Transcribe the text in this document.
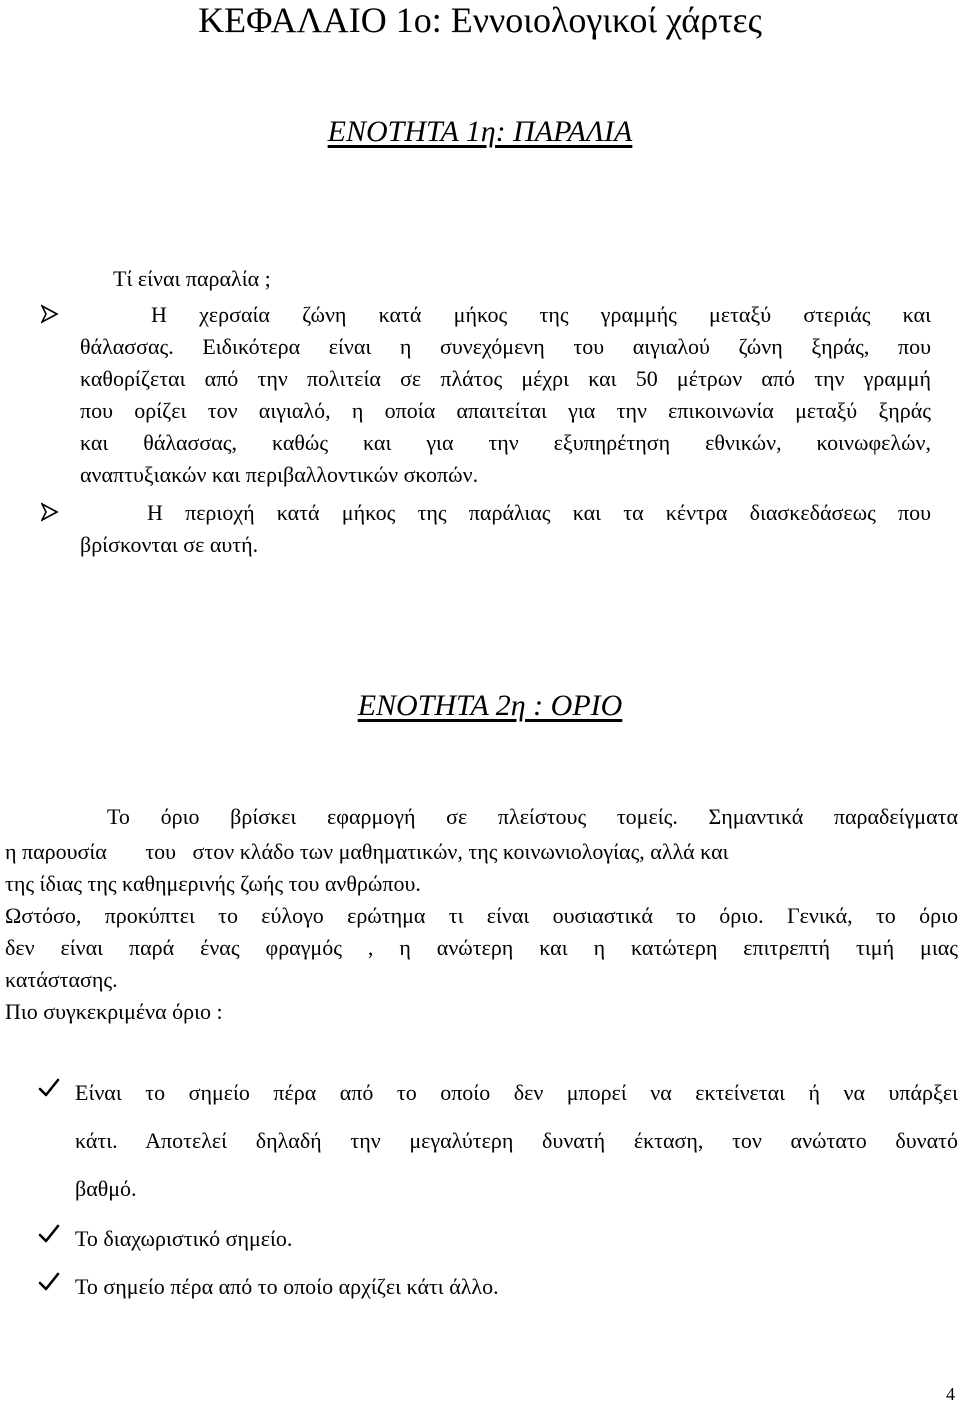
ΚΕΦΑΛΑΙΟ 1ο: Εννοιολογικοί χάρτες
ΕΝΟΤΗΤΑ 1η: ΠΑΡΑΛΙΑ
Τί είναι παραλία ;
Η χερσαία ζώνη κατά μήκος της γραμμής μεταξύ στεριάς και
θάλασσας. Ειδικότερα είναι η συνεχόμενη του αιγιαλού ζώνη ξηράς, που
καθορίζεται από την πολιτεία σε πλάτος μέχρι και 50 μέτρων από την γραμμή
που ορίζει τον αιγιαλό, η οποία απαιτείται για την επικοινωνία μεταξύ ξηράς
και θάλασσας, καθώς και για την εξυπηρέτηση εθνικών, κοινωφελών,
αναπτυξιακών και περιβαλλοντικών σκοπών.
Η περιοχή κατά μήκος της παράλιας και τα κέντρα διασκεδάσεως που
βρίσκονται σε αυτή.
ΕΝΟΤΗΤΑ 2η : ΟΡΙΟ
Το όριο βρίσκει εφαρμογή σε πλείστους τομείς. Σημαντικά παραδείγματα
η παρουσία       του   στον κλάδο των μαθηματικών, της κοινωνιολογίας, αλλά και
της ίδιας της καθημερινής ζωής του ανθρώπου.
Ωστόσο, προκύπτει το εύλογο ερώτημα τι είναι ουσιαστικά το όριο. Γενικά, το όριο
δεν είναι παρά ένας φραγμός , η ανώτερη και η κατώτερη επιτρεπτή τιμή μιας
κατάστασης.
Πιο συγκεκριμένα όριο :
Είναι το σημείο πέρα από το οποίο δεν μπορεί να εκτείνεται ή να υπάρξει
κάτι. Αποτελεί δηλαδή την μεγαλύτερη δυνατή έκταση, τον ανώτατο δυνατό
βαθμό.
Το διαχωριστικό σημείο.
Το σημείο πέρα από το οποίο αρχίζει κάτι άλλο.
4
